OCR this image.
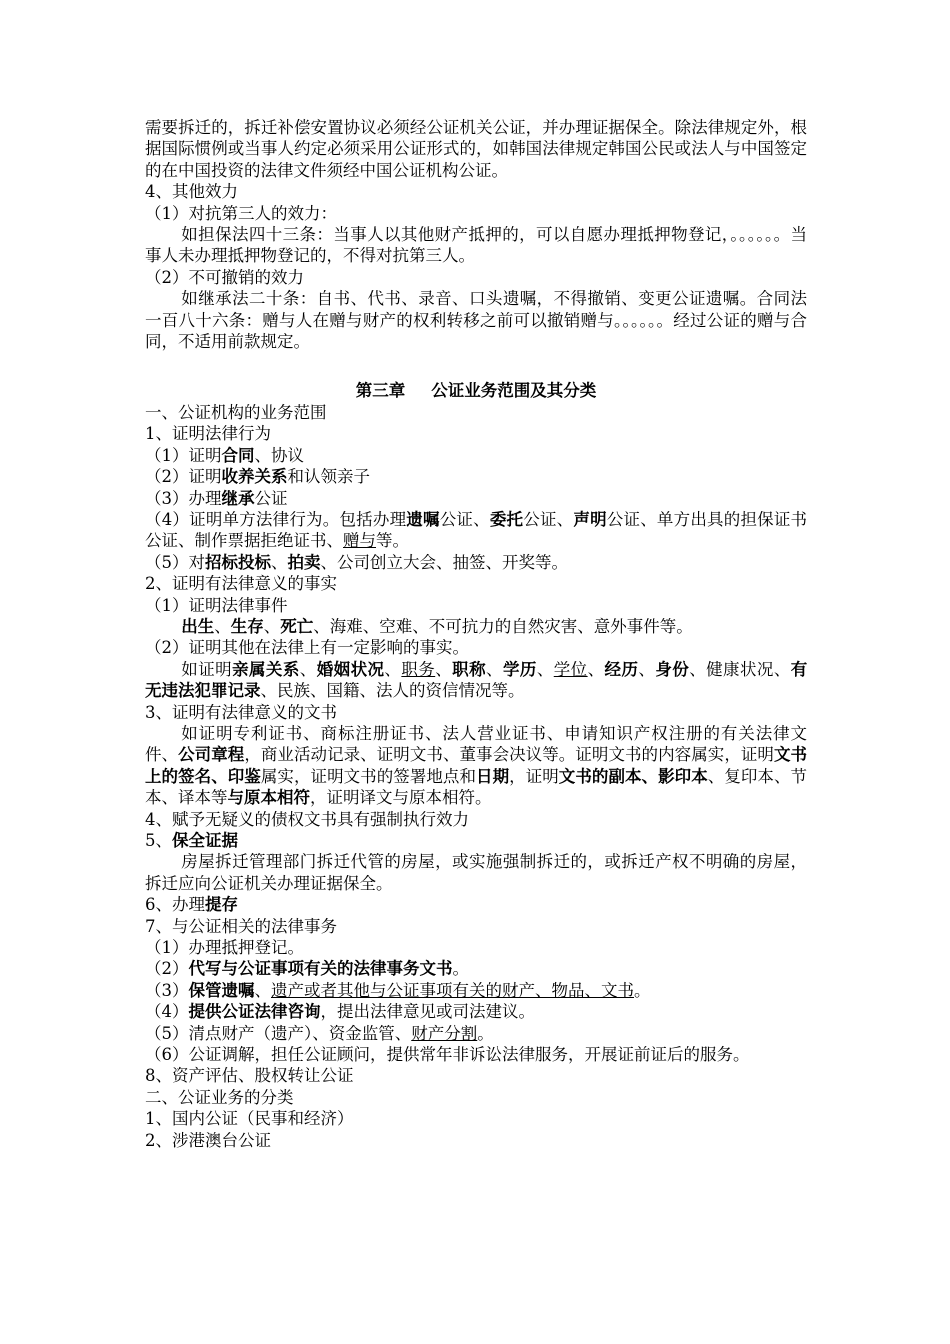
需要拆迁的，拆迁补偿安置协议必须经公证机关公证，并办理证据保全。除法律规定外，根据国际惯例或当事人约定必须采用公证形式的，如韩国法律规定韩国公民或法人与中国签定的在中国投资的法律文件须经中国公证机构公证。

4、其他效力

（1）对抗第三人的效力：

如担保法四十三条：当事人以其他财产抵押的，可以自愿办理抵押物登记，。。。。。。当事人未办理抵押物登记的，不得对抗第三人。

（2）不可撤销的效力

如继承法二十条：自书、代书、录音、口头遗嘱，不得撤销、变更公证遗嘱。合同法一百八十六条：赠与人在赠与财产的权利转移之前可以撤销赠与。。。。。。经过公证的赠与合同，不适用前款规定。

第三章 公证业务范围及其分类

一、公证机构的业务范围

1、证明法律行为

（1）证明合同、协议

（2）证明收养关系和认领亲子

（3）办理继承公证

（4）证明单方法律行为。包括办理遗嘱公证、委托公证、声明公证、单方出具的担保证书公证、制作票据拒绝证书、赠与等。

（5）对招标投标、拍卖、公司创立大会、抽签、开奖等。

2、证明有法律意义的事实

（1）证明法律事件

出生、生存、死亡、海难、空难、不可抗力的自然灾害、意外事件等。

（2）证明其他在法律上有一定影响的事实。

如证明亲属关系、婚姻状况、职务、职称、学历、学位、经历、身份、健康状况、有无违法犯罪记录、民族、国籍、法人的资信情况等。

3、证明有法律意义的文书

如证明专利证书、商标注册证书、法人营业证书、申请知识产权注册的有关法律文件、公司章程，商业活动记录、证明文书、董事会决议等。证明文书的内容属实，证明文书上的签名、印鉴属实，证明文书的签署地点和日期，证明文书的副本、影印本、复印本、节本、译本等与原本相符，证明译文与原本相符。

4、赋予无疑义的债权文书具有强制执行效力

5、保全证据

房屋拆迁管理部门拆迁代管的房屋，或实施强制拆迁的，或拆迁产权不明确的房屋，拆迁应向公证机关办理证据保全。

6、办理提存

7、与公证相关的法律事务

（1）办理抵押登记。

（2）代写与公证事项有关的法律事务文书。

（3）保管遗嘱、遗产或者其他与公证事项有关的财产、物品、文书。

（4）提供公证法律咨询，提出法律意见或司法建议。

（5）清点财产（遗产）、资金监管、财产分割。

（6）公证调解，担任公证顾问，提供常年非诉讼法律服务，开展证前证后的服务。

8、资产评估、股权转让公证

二、公证业务的分类

1、国内公证（民事和经济）

2、涉港澳台公证
